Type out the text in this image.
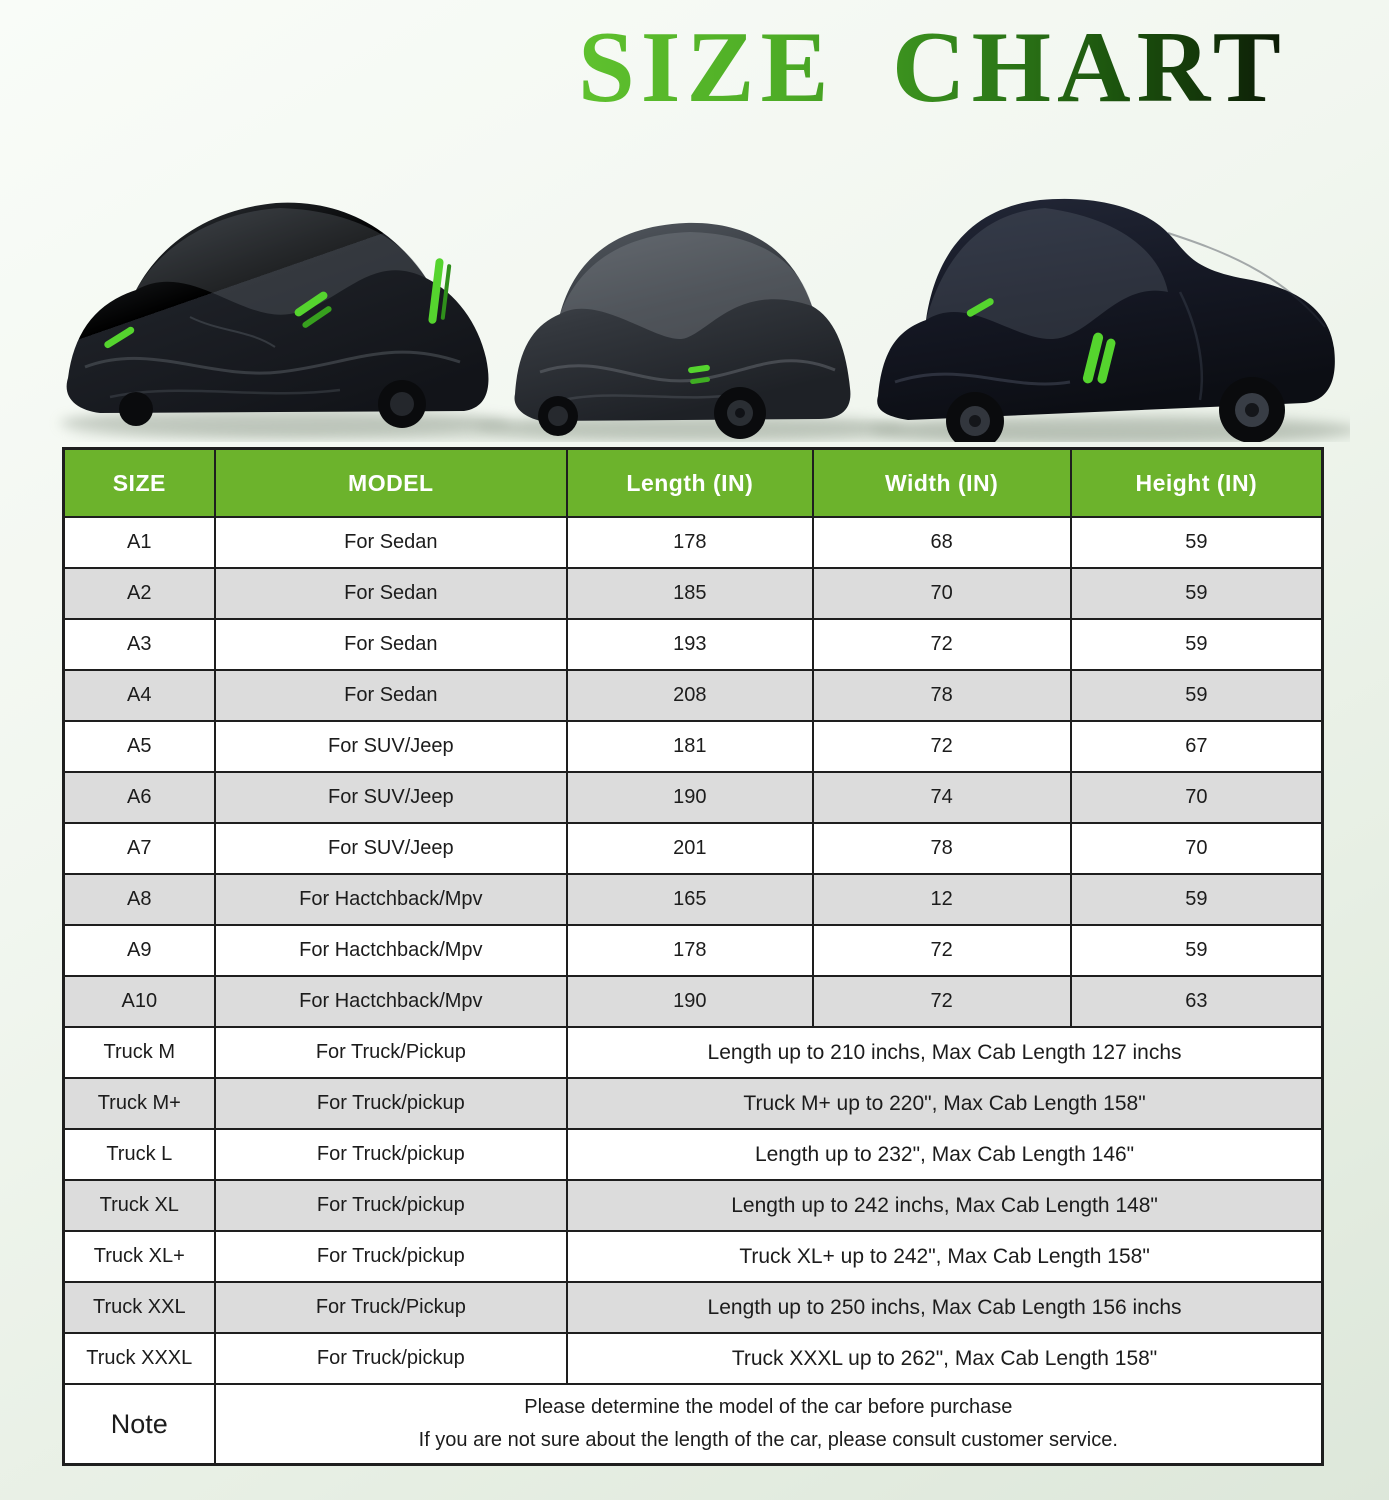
SIZE CHART
SIZE	MODEL	Length (IN)	Width (IN)	Height (IN)
A1	For Sedan	178	68	59
A2	For Sedan	185	70	59
A3	For Sedan	193	72	59
A4	For Sedan	208	78	59
A5	For SUV/Jeep	181	72	67
A6	For SUV/Jeep	190	74	70
A7	For SUV/Jeep	201	78	70
A8	For Hactchback/Mpv	165	12	59
A9	For Hactchback/Mpv	178	72	59
A10	For Hactchback/Mpv	190	72	63
Truck M	For Truck/Pickup	Length up to 210 inchs, Max Cab Length 127 inchs		
Truck M+	For Truck/pickup	Truck M+ up to 220", Max Cab Length 158"		
Truck L	For Truck/pickup	Length up to 232", Max Cab Length 146"		
Truck XL	For Truck/pickup	Length up to 242 inchs, Max Cab Length 148"		
Truck XL+	For Truck/pickup	Truck XL+ up to 242", Max Cab Length 158"		
Truck XXL	For Truck/Pickup	Length up to 250 inchs, Max Cab Length 156 inchs		
Truck XXXL	For Truck/pickup	Truck XXXL up to 262", Max Cab Length 158"		
Note	Please determine the model of the car before purchase
If you are not sure about the length of the car, please consult customer service.			
